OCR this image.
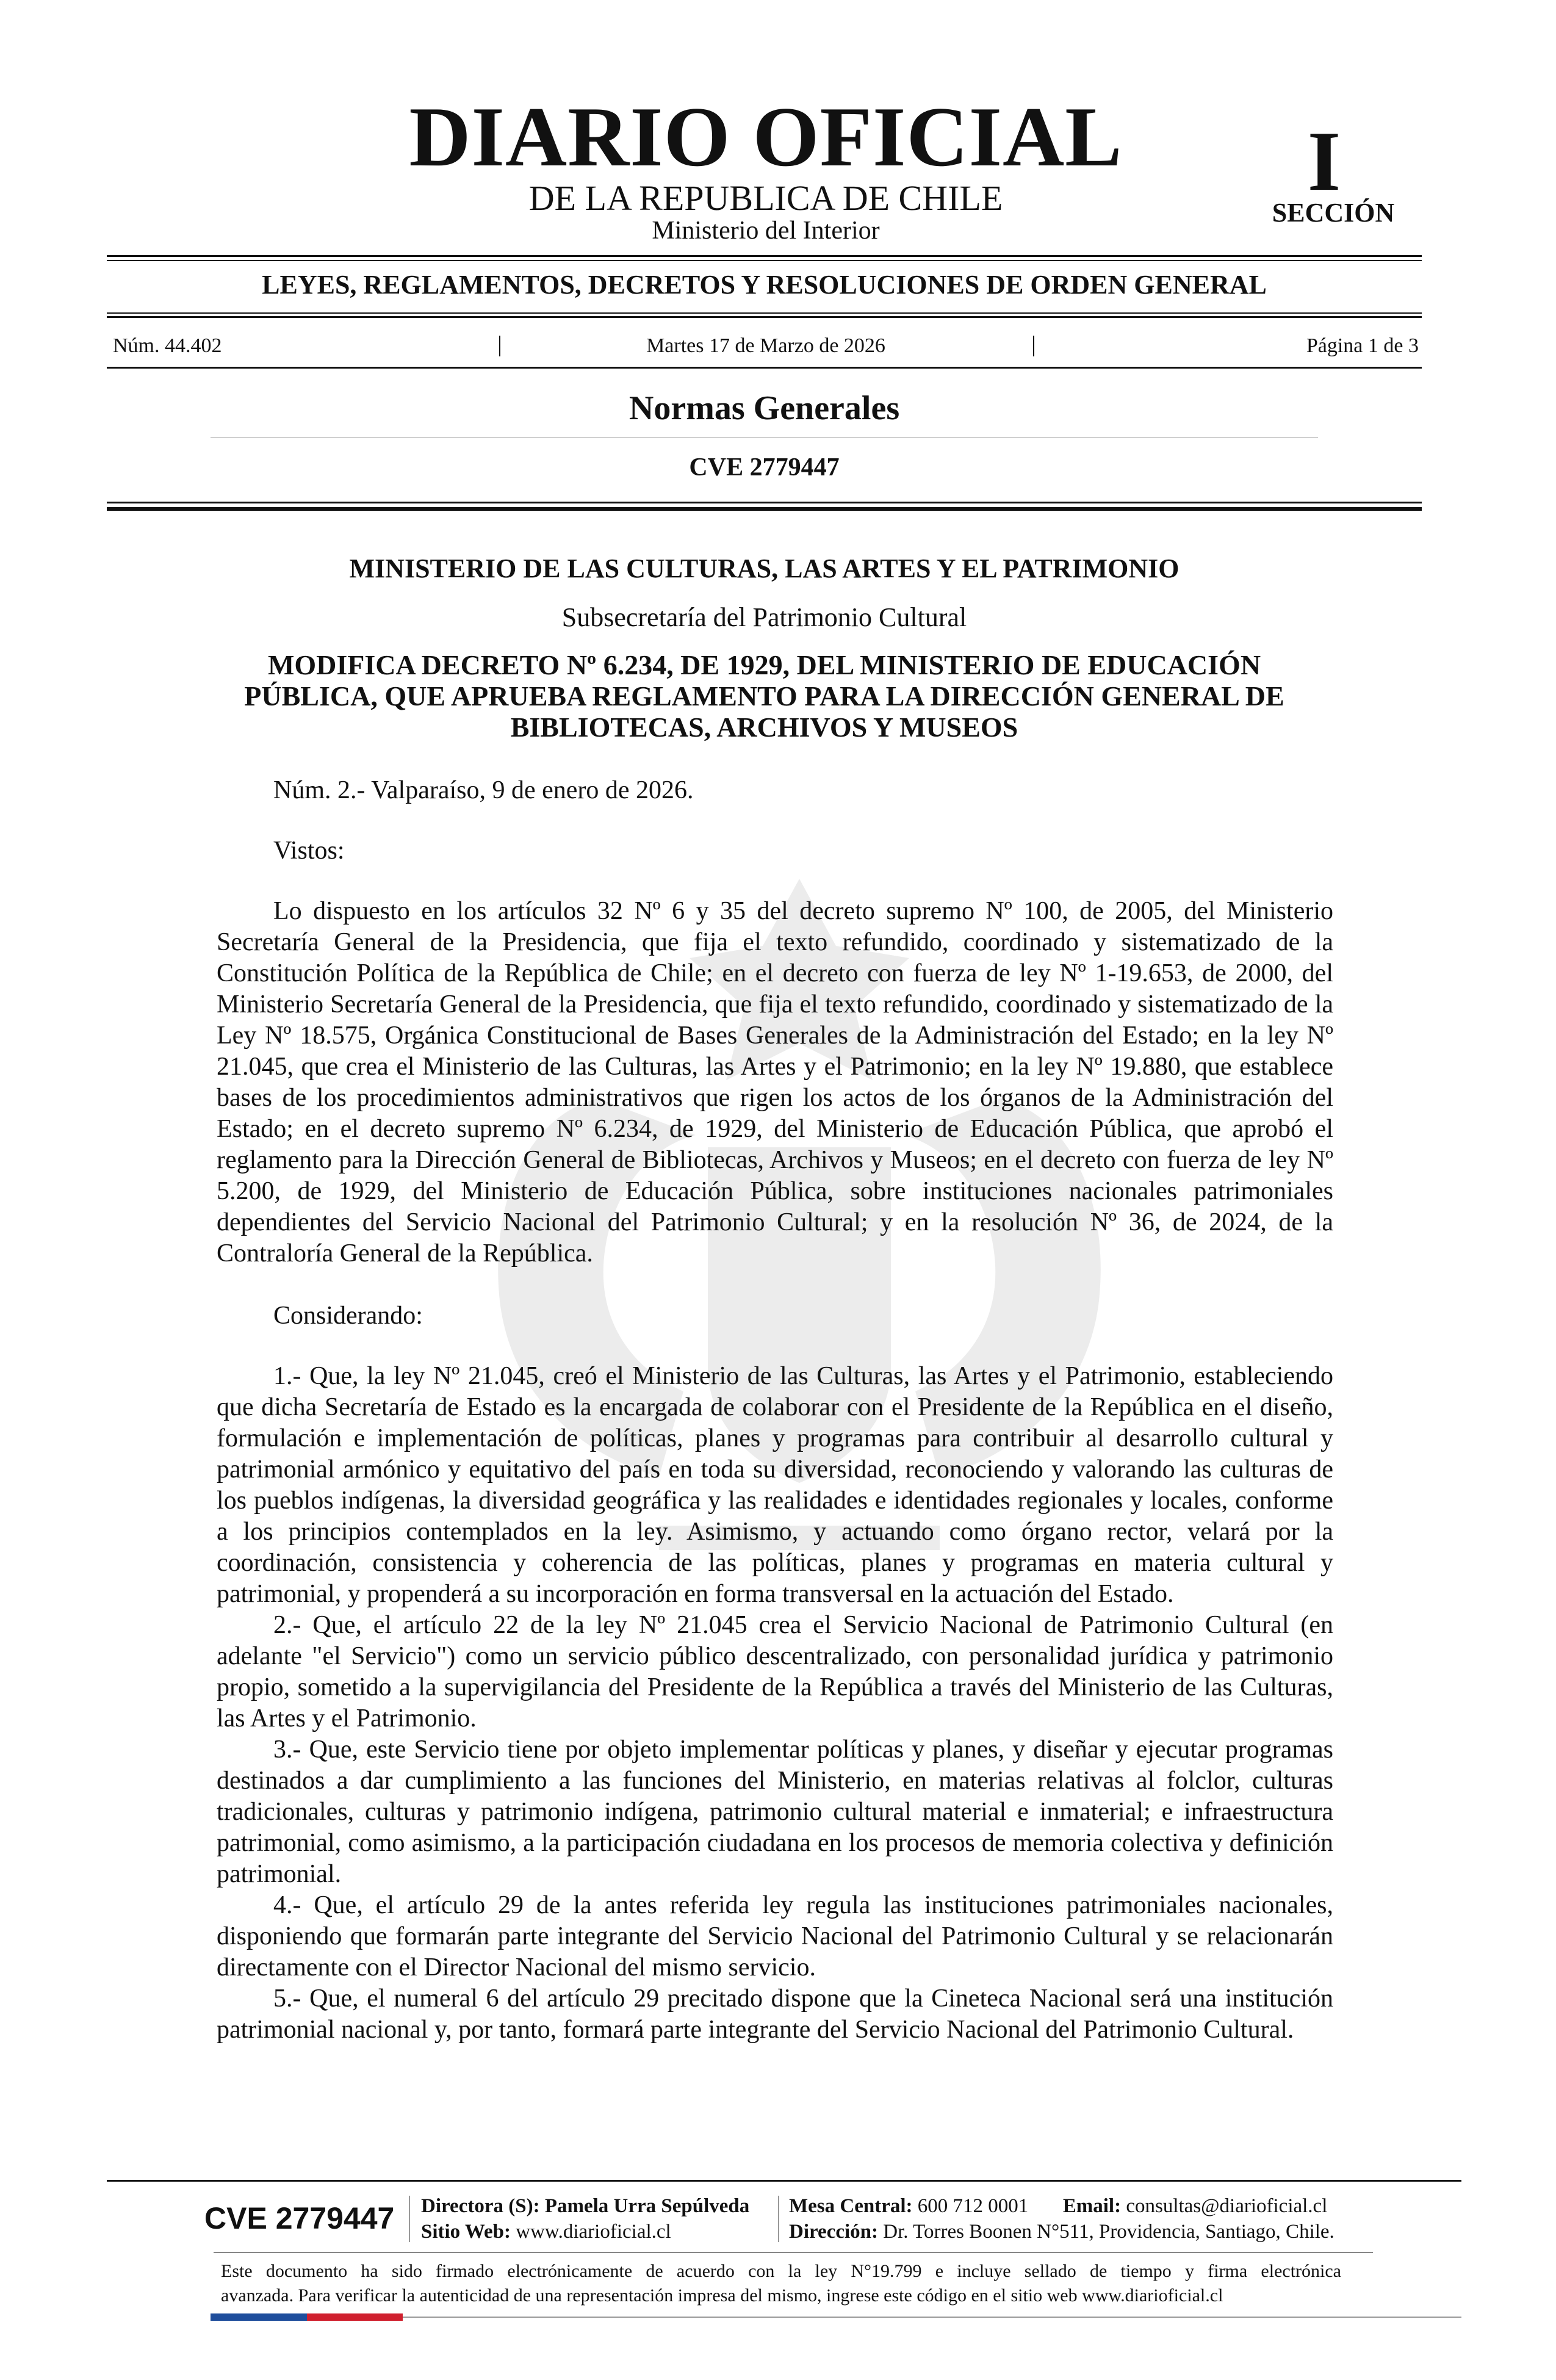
DIARIO OFICIAL
DE LA REPUBLICA DE CHILE
Ministerio del Interior
I
SECCIÓN
LEYES, REGLAMENTOS, DECRETOS Y RESOLUCIONES DE ORDEN GENERAL
Núm. 44.402	Martes 17 de Marzo de 2026	Página 1 de 3
Normas Generales
CVE 2779447
MINISTERIO DE LAS CULTURAS, LAS ARTES Y EL PATRIMONIO
Subsecretaría del Patrimonio Cultural
MODIFICA DECRETO Nº 6.234, DE 1929, DEL MINISTERIO DE EDUCACIÓN
PÚBLICA, QUE APRUEBA REGLAMENTO PARA LA DIRECCIÓN GENERAL DE
BIBLIOTECAS, ARCHIVOS Y MUSEOS

Núm. 2.- Valparaíso, 9 de enero de 2026.

Vistos:

Lo dispuesto en los artículos 32 Nº 6 y 35 del decreto supremo Nº 100, de 2005, del Ministerio Secretaría General de la Presidencia, que fija el texto refundido, coordinado y sistematizado de la Constitución Política de la República de Chile; en el decreto con fuerza de ley Nº 1-19.653, de 2000, del Ministerio Secretaría General de la Presidencia, que fija el texto refundido, coordinado y sistematizado de la Ley Nº 18.575, Orgánica Constitucional de Bases Generales de la Administración del Estado; en la ley Nº 21.045, que crea el Ministerio de las Culturas, las Artes y el Patrimonio; en la ley Nº 19.880, que establece bases de los procedimientos administrativos que rigen los actos de los órganos de la Administración del Estado; en el decreto supremo Nº 6.234, de 1929, del Ministerio de Educación Pública, que aprobó el reglamento para la Dirección General de Bibliotecas, Archivos y Museos; en el decreto con fuerza de ley Nº 5.200, de 1929, del Ministerio de Educación Pública, sobre instituciones nacionales patrimoniales dependientes del Servicio Nacional del Patrimonio Cultural; y en la resolución Nº 36, de 2024, de la Contraloría General de la República.

Considerando:

1.- Que, la ley Nº 21.045, creó el Ministerio de las Culturas, las Artes y el Patrimonio, estableciendo que dicha Secretaría de Estado es la encargada de colaborar con el Presidente de la República en el diseño, formulación e implementación de políticas, planes y programas para contribuir al desarrollo cultural y patrimonial armónico y equitativo del país en toda su diversidad, reconociendo y valorando las culturas de los pueblos indígenas, la diversidad geográfica y las realidades e identidades regionales y locales, conforme a los principios contemplados en la ley. Asimismo, y actuando como órgano rector, velará por la coordinación, consistencia y coherencia de las políticas, planes y programas en materia cultural y patrimonial, y propenderá a su incorporación en forma transversal en la actuación del Estado.

2.- Que, el artículo 22 de la ley Nº 21.045 crea el Servicio Nacional de Patrimonio Cultural (en adelante "el Servicio") como un servicio público descentralizado, con personalidad jurídica y patrimonio propio, sometido a la supervigilancia del Presidente de la República a través del Ministerio de las Culturas, las Artes y el Patrimonio.

3.- Que, este Servicio tiene por objeto implementar políticas y planes, y diseñar y ejecutar programas destinados a dar cumplimiento a las funciones del Ministerio, en materias relativas al folclor, culturas tradicionales, culturas y patrimonio indígena, patrimonio cultural material e inmaterial; e infraestructura patrimonial, como asimismo, a la participación ciudadana en los procesos de memoria colectiva y definición patrimonial.

4.- Que, el artículo 29 de la antes referida ley regula las instituciones patrimoniales nacionales, disponiendo que formarán parte integrante del Servicio Nacional del Patrimonio Cultural y se relacionarán directamente con el Director Nacional del mismo servicio.

5.- Que, el numeral 6 del artículo 29 precitado dispone que la Cineteca Nacional será una institución patrimonial nacional y, por tanto, formará parte integrante del Servicio Nacional del Patrimonio Cultural.

CVE 2779447 Directora (S): Pamela Urra Sepúlveda
Sitio Web: www.diarioficial.cl
Mesa Central: 600 712 0001 Email: consultas@diarioficial.cl
Dirección: Dr. Torres Boonen N°511, Providencia, Santiago, Chile.
Este documento ha sido firmado electrónicamente de acuerdo con la ley N°19.799 e incluye sellado de tiempo y firma electrónica
avanzada. Para verificar la autenticidad de una representación impresa del mismo, ingrese este código en el sitio web www.diarioficial.cl
